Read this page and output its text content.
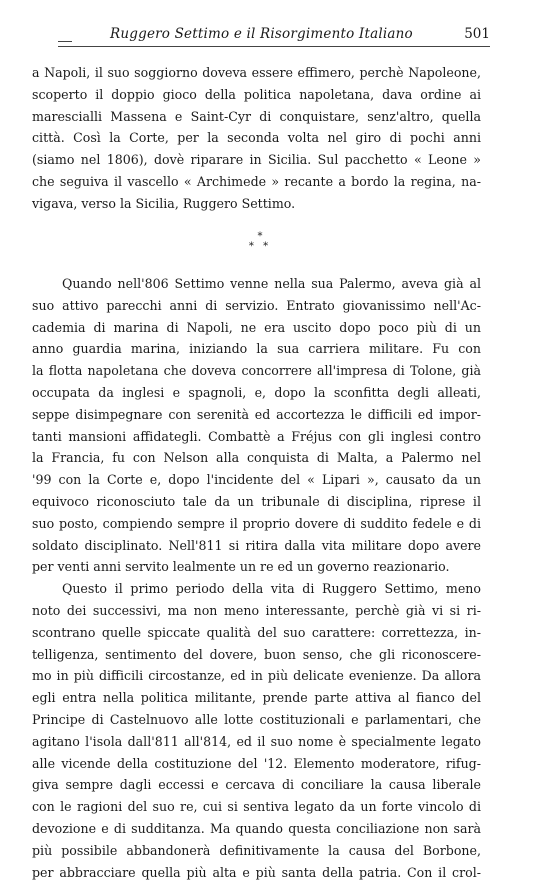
Ruggero Settimo e il Risorgimento Italiano	501
a Napoli, il suo soggiorno doveva essere effimero, perchè Napoleone,
scoperto il doppio gioco della politica napoletana, dava ordine ai
marescialli Massena e Saint-Cyr di conquistare, senz'altro, quella
città. Così la Corte, per la seconda volta nel giro di pochi anni
(siamo nel 1806), dovè riparare in Sicilia. Sul pacchetto « Leone »
che seguiva il vascello « Archimede » recante a bordo la regina, na-
vigava, verso la Sicilia, Ruggero Settimo.
*
* *
Quando nell'806 Settimo venne nella sua Palermo, aveva già al
suo attivo parecchi anni di servizio. Entrato giovanissimo nell'Ac-
cademia di marina di Napoli, ne era uscito dopo poco più di un
anno guardia marina, iniziando la sua carriera militare. Fu con
la flotta napoletana che doveva concorrere all'impresa di Tolone, già
occupata da inglesi e spagnoli, e, dopo la sconfitta degli alleati,
seppe disimpegnare con serenità ed accortezza le difficili ed impor-
tanti mansioni affidategli. Combattè a Fréjus con gli inglesi contro
la Francia, fu con Nelson alla conquista di Malta, a Palermo nel
'99 con la Corte e, dopo l'incidente del « Lipari », causato da un
equivoco riconosciuto tale da un tribunale di disciplina, riprese il
suo posto, compiendo sempre il proprio dovere di suddito fedele e di
soldato disciplinato. Nell'811 si ritira dalla vita militare dopo avere
per venti anni servito lealmente un re ed un governo reazionario.
Questo il primo periodo della vita di Ruggero Settimo, meno
noto dei successivi, ma non meno interessante, perchè già vi si ri-
scontrano quelle spiccate qualità del suo carattere: correttezza, in-
telligenza, sentimento del dovere, buon senso, che gli riconoscere-
mo in più difficili circostanze, ed in più delicate evenienze. Da allora
egli entra nella politica militante, prende parte attiva al fianco del
Principe di Castelnuovo alle lotte costituzionali e parlamentari, che
agitano l'isola dall'811 all'814, ed il suo nome è specialmente legato
alle vicende della costituzione del '12. Elemento moderatore, rifug-
giva sempre dagli eccessi e cercava di conciliare la causa liberale
con le ragioni del suo re, cui si sentiva legato da un forte vincolo di
devozione e di sudditanza. Ma quando questa conciliazione non sarà
più possibile abbandonerà definitivamente la causa del Borbone,
per abbracciare quella più alta e più santa della patria. Con il crol-
